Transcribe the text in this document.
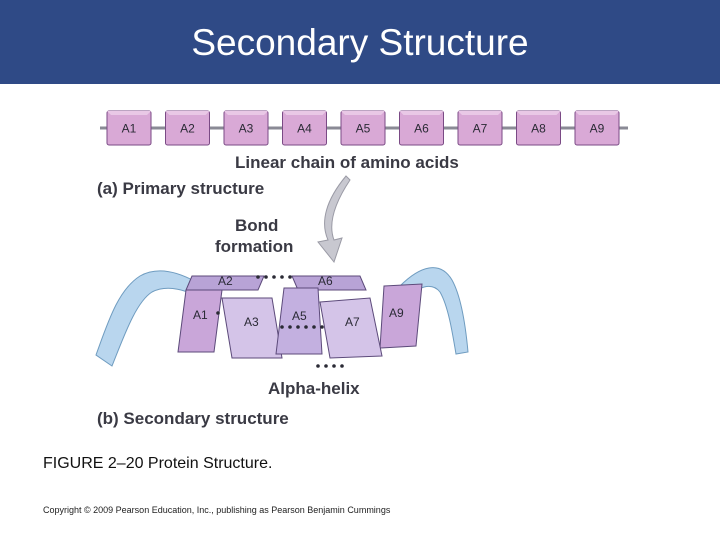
Secondary Structure
A1	A2	A3	A4	A5	A6	A7	A8	A9
Linear chain of amino acids
(a) Primary structure
Bond
formation
A2	A6
A1	A9
A3	A5	A7
Alpha-helix
(b) Secondary structure
FIGURE 2–20 Protein Structure.
Copyright © 2009 Pearson Education, Inc., publishing as Pearson Benjamin Cummings
